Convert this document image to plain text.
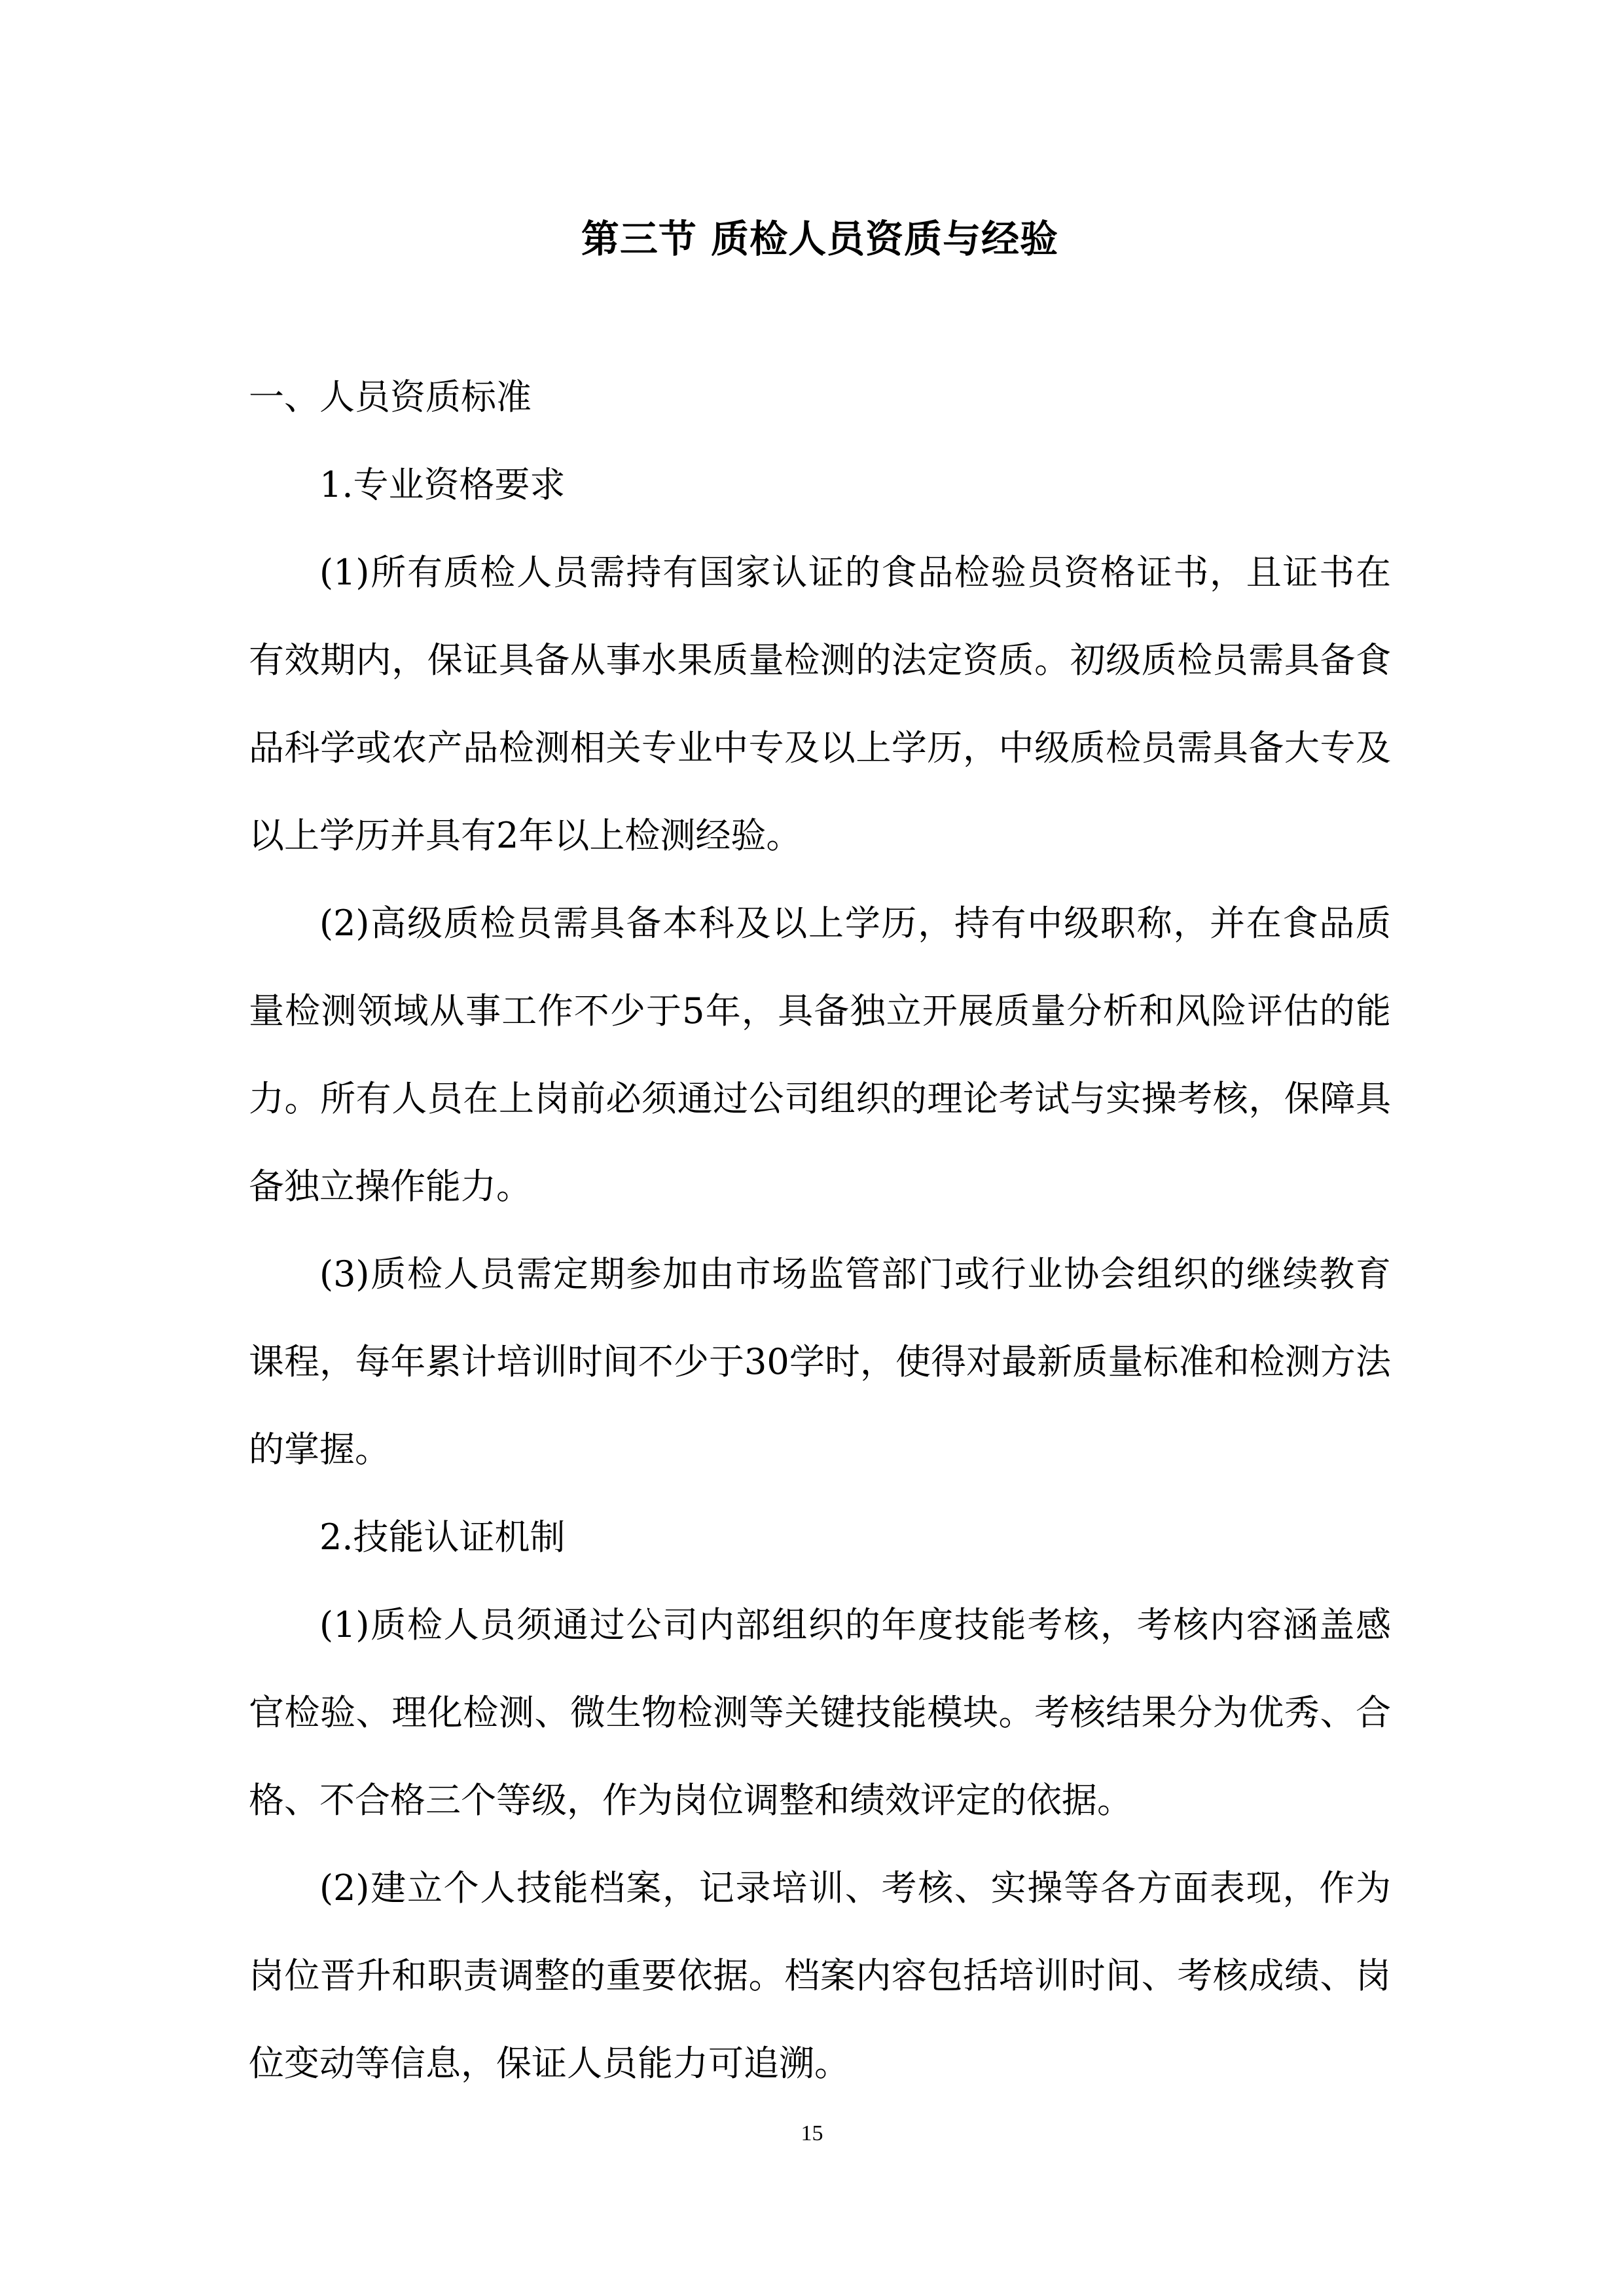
第三节 质检人员资质与经验

一、人员资质标准

1.专业资格要求

(1)所有质检人员需持有国家认证的食品检验员资格证书，且证书在有效期内，保证具备从事水果质量检测的法定资质。初级质检员需具备食品科学或农产品检测相关专业中专及以上学历，中级质检员需具备大专及以上学历并具有2年以上检测经验。

(2)高级质检员需具备本科及以上学历，持有中级职称，并在食品质量检测领域从事工作不少于5年，具备独立开展质量分析和风险评估的能力。所有人员在上岗前必须通过公司组织的理论考试与实操考核，保障具备独立操作能力。

(3)质检人员需定期参加由市场监管部门或行业协会组织的继续教育课程，每年累计培训时间不少于30学时，使得对最新质量标准和检测方法的掌握。

2.技能认证机制

(1)质检人员须通过公司内部组织的年度技能考核，考核内容涵盖感官检验、理化检测、微生物检测等关键技能模块。考核结果分为优秀、合格、不合格三个等级，作为岗位调整和绩效评定的依据。

(2)建立个人技能档案，记录培训、考核、实操等各方面表现，作为岗位晋升和职责调整的重要依据。档案内容包括培训时间、考核成绩、岗位变动等信息，保证人员能力可追溯。

15
